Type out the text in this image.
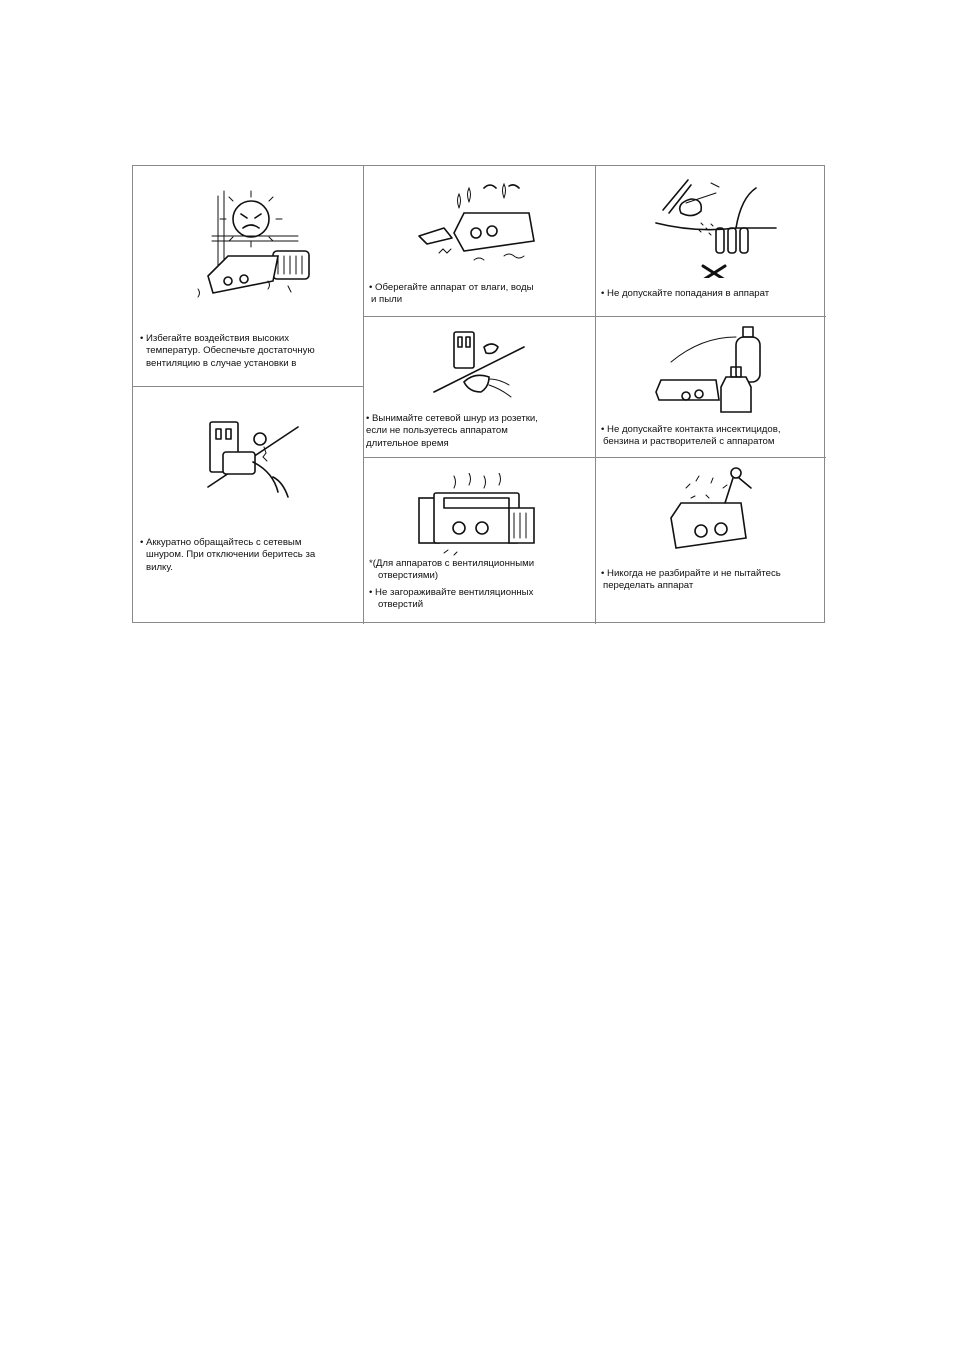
• Избегайте воздействия высоких
температур. Обеспечьте достаточную
вентиляцию в случае установки в

• Оберегайте аппарат от влаги, воды
и пыли

• Не допускайте попадания в аппарат

• Аккуратно обращайтесь с сетевым
шнуром. При отключении беритесь за
вилку.

• Вынимайте сетевой шнур из розетки,
если не пользуетесь аппаратом
длительное время

• Не допускайте контакта инсектицидов,
бензина и растворителей с аппаратом

*(Для аппаратов с вентиляционными
отверстиями)
• Не загораживайте вентиляционных
отверстий

• Никогда не разбирайте и не пытайтесь
переделать аппарат
